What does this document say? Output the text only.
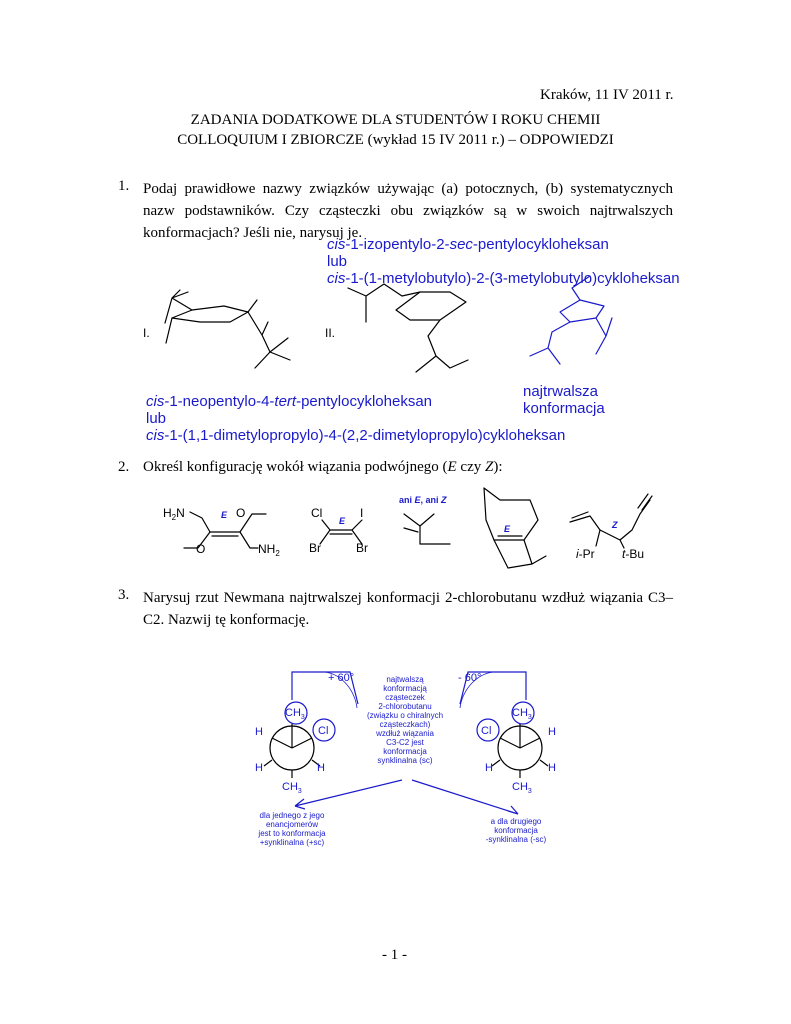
Kraków, 11 IV 2011 r.
ZADANIA DODATKOWE DLA STUDENTÓW I ROKU CHEMII
COLLOQUIUM I ZBIORCZE (wykład 15 IV 2011 r.) – ODPOWIEDZI
1. Podaj prawidłowe nazwy związków używając (a) potocznych, (b) systematycznych nazw podstawników. Czy cząsteczki obu związków są w swoich najtrwalszych konformacjach? Jeśli nie, narysuj je.
cis-1-izopentylo-2-sec-pentylocykloheksan
lub
cis-1-(1-metylobutylo)-2-(3-metylobutylo)cykloheksan
I.	II.
najtrwalsza
konformacja
cis-1-neopentylo-4-tert-pentylocykloheksan
lub
cis-1-(1,1-dimetylopropylo)-4-(2,2-dimetylopropylo)cykloheksan
2. Określ konfigurację wokół wiązania podwójnego (E czy Z):
3. Narysuj rzut Newmana najtrwalszej konformacji 2-chlorobutanu wzdłuż wiązania C3–C2. Nazwij tę konformację.
- 1 -
$H_2N$	O
O	$NH_2$
Cl	I
Br	Br	i-Pr t-Bu
E
E
ani E, ani Z
E	Z
+ 60°	- 60°
$CH_3$
Cl
H
H	H
$CH_3$
$CH_3$
Cl	H
H	H
$CH_3$
najtwalszą
konformacją
cząsteczek
2-chlorobutanu
(związku o chiralnych
cząsteczkach)
wzdłuż wiązania
C3-C2 jest
konformacja
synklinalna (sc)
dla jednego z jego
enancjomerów
jest to konformacja
+synklinalna (+sc)
a dla drugiego
konformacja
-synklinalna (-sc)
